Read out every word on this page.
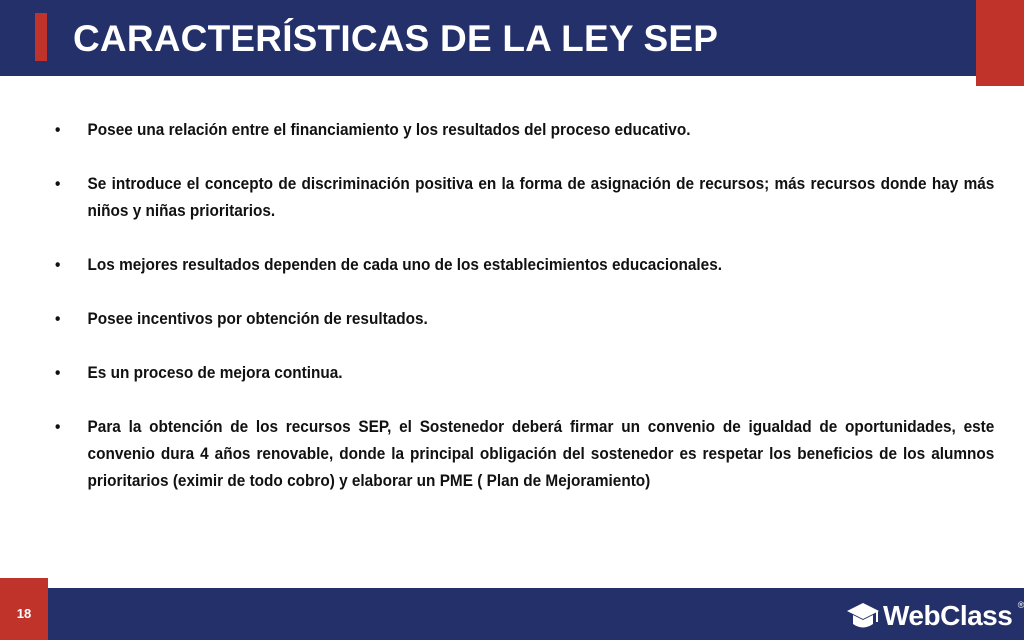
CARACTERÍSTICAS DE LA LEY SEP
• Posee una relación entre el financiamiento y los resultados del proceso educativo.
• Se introduce el concepto de discriminación positiva en la forma de asignación de recursos; más recursos donde hay más niños y niñas prioritarios.
• Los mejores resultados dependen de cada uno de los establecimientos educacionales.
• Posee incentivos por obtención de resultados.
• Es un proceso de mejora continua.
• Para la obtención de los recursos SEP, el Sostenedor deberá firmar un convenio de igualdad de oportunidades, este convenio dura 4 años renovable, donde la principal obligación del sostenedor es respetar los beneficios de los alumnos prioritarios (eximir de todo cobro) y elaborar un PME ( Plan de Mejoramiento)
18	WebClass ®
